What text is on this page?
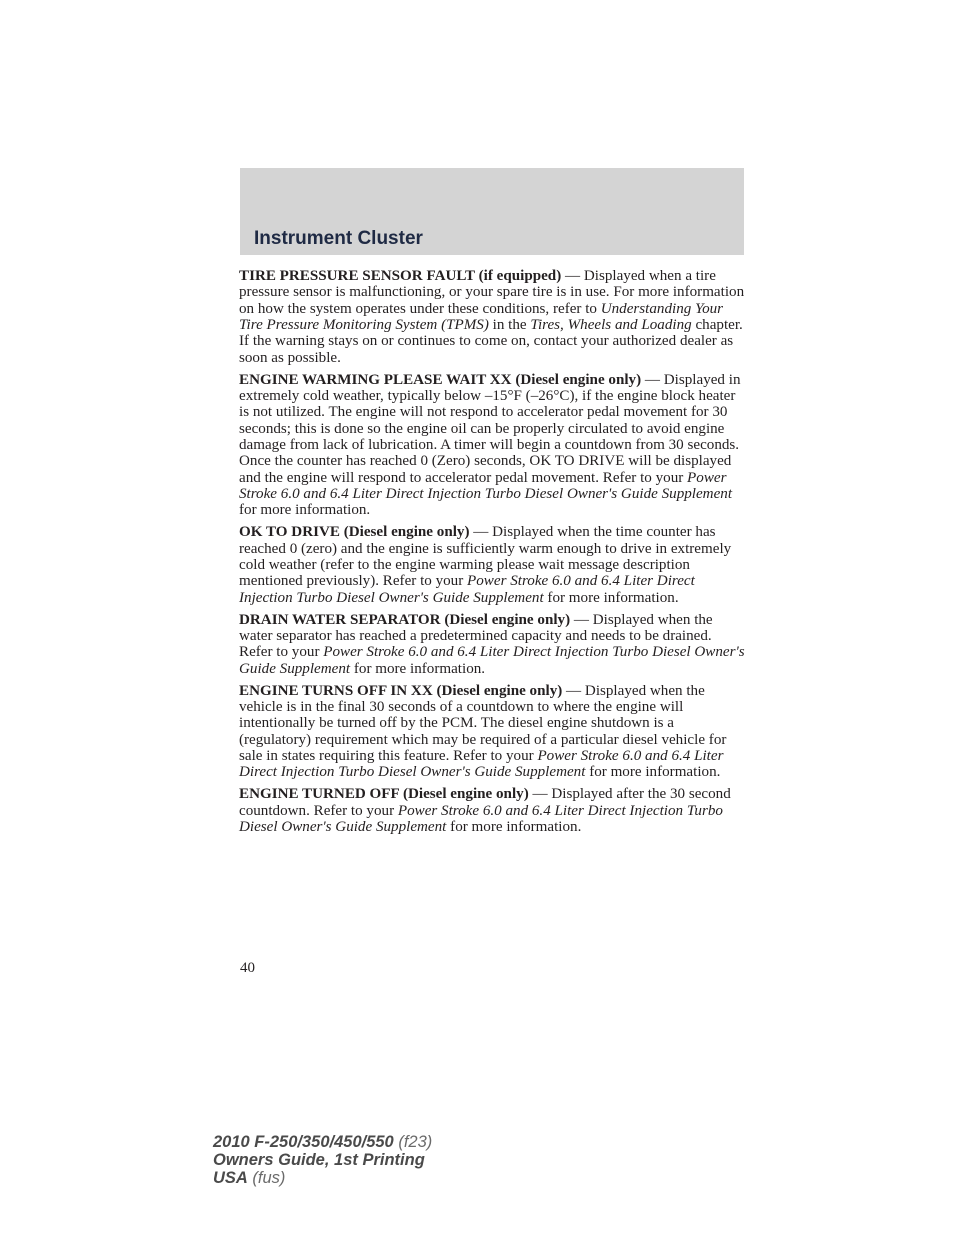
Instrument Cluster

TIRE PRESSURE SENSOR FAULT (if equipped) — Displayed when a tire pressure sensor is malfunctioning, or your spare tire is in use. For more information on how the system operates under these conditions, refer to Understanding Your Tire Pressure Monitoring System (TPMS) in the Tires, Wheels and Loading chapter. If the warning stays on or continues to come on, contact your authorized dealer as soon as possible.

ENGINE WARMING PLEASE WAIT XX (Diesel engine only) — Displayed in extremely cold weather, typically below –15°F (–26°C), if the engine block heater is not utilized. The engine will not respond to accelerator pedal movement for 30 seconds; this is done so the engine oil can be properly circulated to avoid engine damage from lack of lubrication. A timer will begin a countdown from 30 seconds. Once the counter has reached 0 (Zero) seconds, OK TO DRIVE will be displayed and the engine will respond to accelerator pedal movement. Refer to your Power Stroke 6.0 and 6.4 Liter Direct Injection Turbo Diesel Owner's Guide Supplement for more information.

OK TO DRIVE (Diesel engine only) — Displayed when the time counter has reached 0 (zero) and the engine is sufficiently warm enough to drive in extremely cold weather (refer to the engine warming please wait message description mentioned previously). Refer to your Power Stroke 6.0 and 6.4 Liter Direct Injection Turbo Diesel Owner's Guide Supplement for more information.

DRAIN WATER SEPARATOR (Diesel engine only) — Displayed when the water separator has reached a predetermined capacity and needs to be drained. Refer to your Power Stroke 6.0 and 6.4 Liter Direct Injection Turbo Diesel Owner's Guide Supplement for more information.

ENGINE TURNS OFF IN XX (Diesel engine only) — Displayed when the vehicle is in the final 30 seconds of a countdown to where the engine will intentionally be turned off by the PCM. The diesel engine shutdown is a (regulatory) requirement which may be required of a particular diesel vehicle for sale in states requiring this feature. Refer to your Power Stroke 6.0 and 6.4 Liter Direct Injection Turbo Diesel Owner's Guide Supplement for more information.

ENGINE TURNED OFF (Diesel engine only) — Displayed after the 30 second countdown. Refer to your Power Stroke 6.0 and 6.4 Liter Direct Injection Turbo Diesel Owner's Guide Supplement for more information.

40

2010 F-250/350/450/550 (f23)
Owners Guide, 1st Printing
USA (fus)
